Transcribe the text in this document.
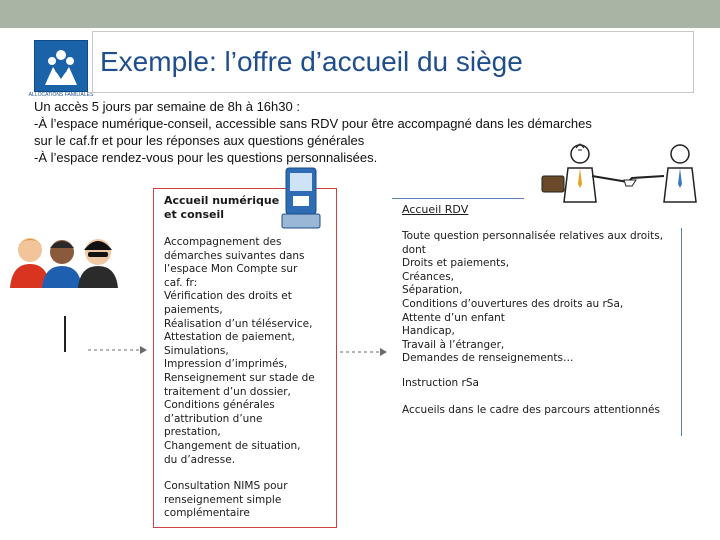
ALLOCATIONS FAMILIALES
Exemple: l’offre d’accueil du siège
Un accès 5 jours par semaine de 8h à 16h30 :
-À l’espace numérique-conseil, accessible sans RDV pour être accompagné dans les démarches
sur le caf.fr et pour les réponses aux questions générales
-À l’espace rendez-vous pour les questions personnalisées.
Accueil numérique
et conseil
Accompagnement des
démarches suivantes dans
l’espace Mon Compte sur
caf. fr:
Vérification des droits et
paiements,
Réalisation d’un téléservice,
Attestation de paiement,
Simulations,
Impression d’imprimés,
Renseignement sur stade de
traitement d’un dossier,
Conditions générales
d’attribution d’une
prestation,
Changement de situation,
du d’adresse.
Consultation NIMS pour
renseignement simple
complémentaire
Accueil RDV
Toute question personnalisée relatives aux droits,
dont
Droits et paiements,
Créances,
Séparation,
Conditions d’ouvertures des droits au rSa,
Attente d’un enfant
Handicap,
Travail à l’étranger,
Demandes de renseignements…
Instruction rSa
Accueils dans le cadre des parcours attentionnés
